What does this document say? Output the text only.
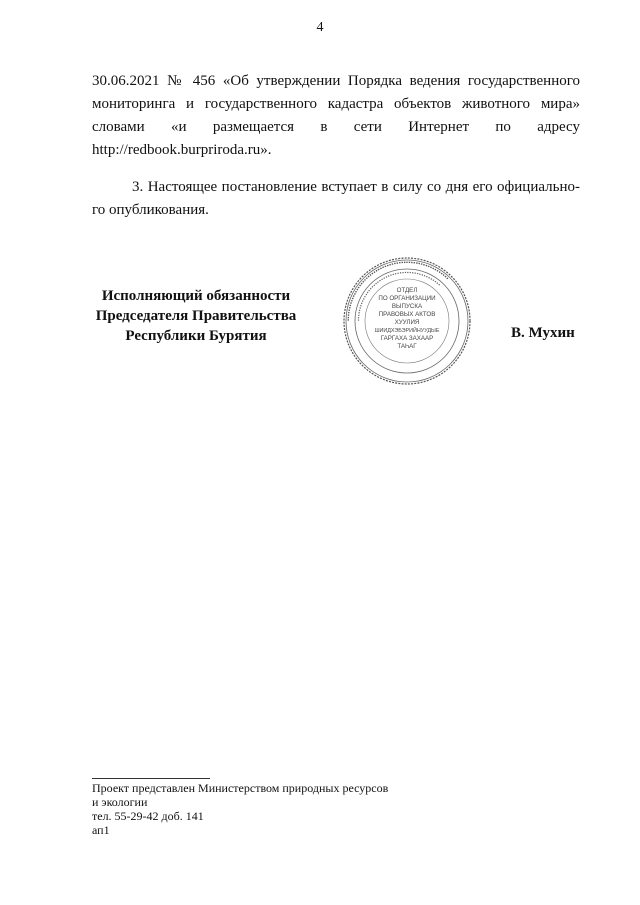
4
30.06.2021 № 456 «Об утверждении Порядка ведения государственного
мониторинга и государственного кадастра объектов животного мира»
словами «и размещается в сети Интернет по адресу
http://redbook.burpriroda.ru».
3. Настоящее постановление вступает в силу со дня его официально-
го опубликования.
Исполняющий обязанности
Председателя Правительства
Республики Бурятия
▪▪▪▪▪▪▪▪▪▪▪▪▪▪▪▪▪▪▪▪▪▪▪▪▪▪▪▪▪▪▪▪▪▪▪▪▪▪▪▪▪▪▪▪▪▪▪▪▪▪▪▪▪▪▪▪
▪▪▪▪▪▪▪▪▪▪▪▪▪▪▪▪▪▪▪▪▪▪▪▪▪▪▪▪▪▪▪▪▪▪▪▪▪▪▪▪▪▪▪▪▪▪
ОТДЕЛ
ПО ОРГАНИЗАЦИИ
ВЫПУСКА
ПРАВОВЫХ АКТОВ
ХУУЛИЯ
ШИИДХЭБЭРИЙНУУДЫЕ
ГАРГАХА ЗАХААР
ТАҺАГ
В. Мухин
Проект представлен Министерством природных ресурсов
и экологии
тел. 55-29-42 доб. 141
ап1
